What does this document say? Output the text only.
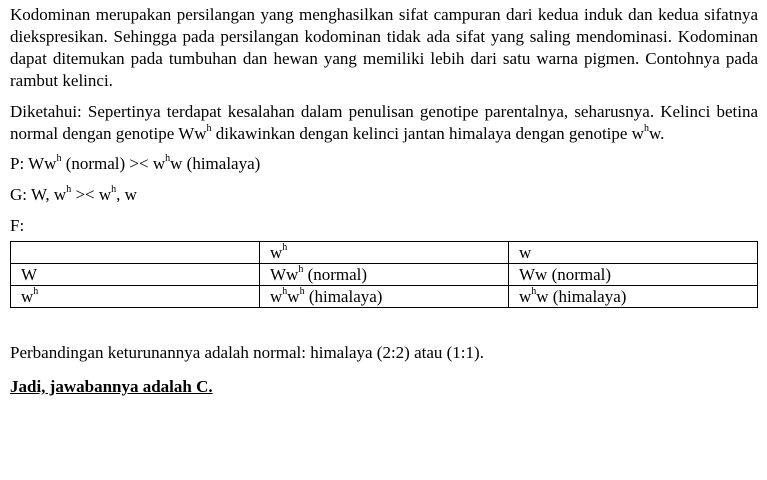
Kodominan merupakan persilangan yang menghasilkan sifat campuran dari kedua induk dan kedua sifatnya diekspresikan. Sehingga pada persilangan kodominan tidak ada sifat yang saling mendominasi. Kodominan dapat ditemukan pada tumbuhan dan hewan yang memiliki lebih dari satu warna pigmen. Contohnya pada rambut kelinci.

Diketahui: Sepertinya terdapat kesalahan dalam penulisan genotipe parentalnya, seharusnya. Kelinci betina normal dengan genotipe Ww$^h$ dikawinkan dengan kelinci jantan himalaya dengan genotipe $w^hw$.

P: Ww$^h$ (normal) >< $w^hw$ (himalaya)

G: W, $w^h >< w^h$, w

F:

	$w^h$	w
W	Ww$^h$ (normal)	Ww (normal)
$w^h$	$w^hw^h$ (himalaya)	$w^hw$ (himalaya)

Perbandingan keturunannya adalah normal: himalaya (2:2) atau (1:1).

Jadi, jawabannya adalah C.
